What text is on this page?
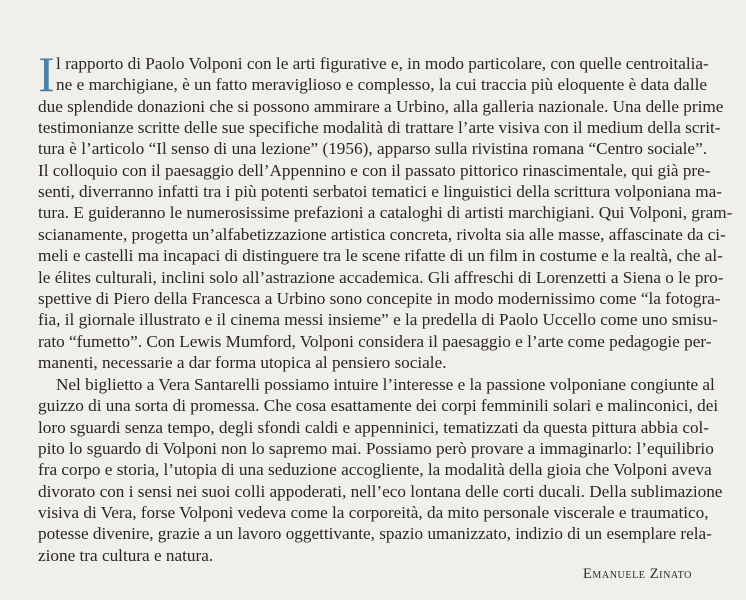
I l rapporto di Paolo Volponi con le arti figurative e, in modo particolare, con quelle centroitalia-
ne e marchigiane, è un fatto meraviglioso e complesso, la cui traccia più eloquente è data dalle
due splendide donazioni che si possono ammirare a Urbino, alla galleria nazionale. Una delle prime
testimonianze scritte delle sue specifiche modalità di trattare l’arte visiva con il medium della scrit-
tura è l’articolo “Il senso di una lezione” (1956), apparso sulla rivistina romana “Centro sociale”.
Il colloquio con il paesaggio dell’Appennino e con il passato pittorico rinascimentale, qui già pre-
senti, diverranno infatti tra i più potenti serbatoi tematici e linguistici della scrittura volponiana ma-
tura. E guideranno le numerosissime prefazioni a cataloghi di artisti marchigiani. Qui Volponi, gram-
scianamente, progetta un’alfabetizzazione artistica concreta, rivolta sia alle masse, affascinate da ci-
meli e castelli ma incapaci di distinguere tra le scene rifatte di un film in costume e la realtà, che al-
le élites culturali, inclini solo all’astrazione accademica. Gli affreschi di Lorenzetti a Siena o le pro-
spettive di Piero della Francesca a Urbino sono concepite in modo modernissimo come “la fotogra-
fia, il giornale illustrato e il cinema messi insieme” e la predella di Paolo Uccello come uno smisu-
rato “fumetto”. Con Lewis Mumford, Volponi considera il paesaggio e l’arte come pedagogie per-
manenti, necessarie a dar forma utopica al pensiero sociale.
Nel biglietto a Vera Santarelli possiamo intuire l’interesse e la passione volponiane congiunte al
guizzo di una sorta di promessa. Che cosa esattamente dei corpi femminili solari e malinconici, dei
loro sguardi senza tempo, degli sfondi caldi e appenninici, tematizzati da questa pittura abbia col-
pito lo sguardo di Volponi non lo sapremo mai. Possiamo però provare a immaginarlo: l’equilibrio
fra corpo e storia, l’utopia di una seduzione accogliente, la modalità della gioia che Volponi aveva
divorato con i sensi nei suoi colli appoderati, nell’eco lontana delle corti ducali. Della sublimazione
visiva di Vera, forse Volponi vedeva come la corporeità, da mito personale viscerale e traumatico,
potesse divenire, grazie a un lavoro oggettivante, spazio umanizzato, indizio di un esemplare rela-
zione tra cultura e natura.
Emanuele Zinato
